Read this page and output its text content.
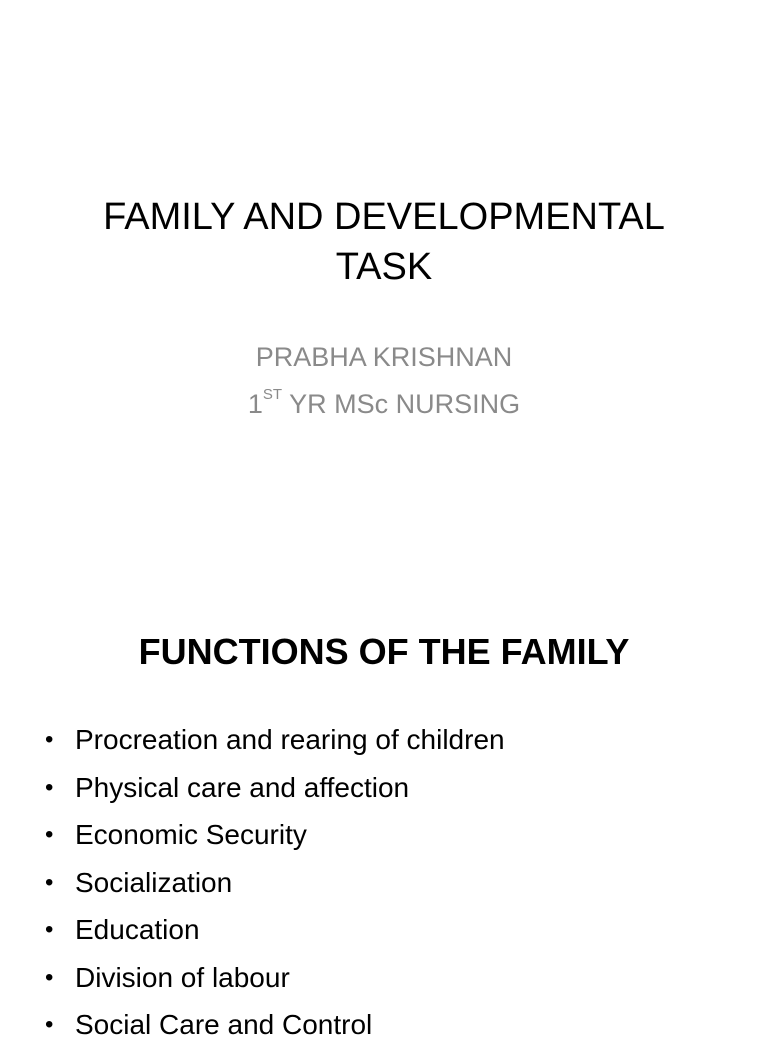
FAMILY AND DEVELOPMENTAL
TASK
PRABHA KRISHNAN
1ST YR MSc NURSING
FUNCTIONS OF THE FAMILY
• Procreation and rearing of children
• Physical care and affection
• Economic Security
• Socialization
• Education
• Division of labour
• Social Care and Control
